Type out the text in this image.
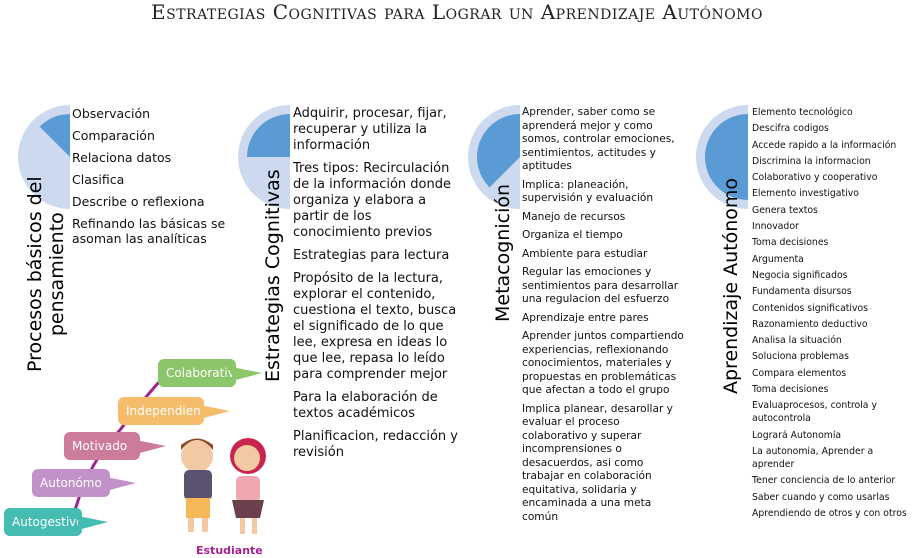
Estrategias Cognitivas para Lograr un Aprendizaje Autónomo
Procesos básicos del pensamiento	Estrategias Cognitivas	Metacognición	Aprendizaje Autónomo
Observación
Comparación
Relaciona datos
Clasifica
Describe o reflexiona
Refinando las básicas se asoman las analíticas
Adquirir, procesar, fijar, recuperar y utiliza la información
Tres tipos: Recirculación de la información donde organiza y elabora a partir de los conocimiento previos
Estrategias para lectura
Propósito de la lectura, explorar el contenido, cuestiona el texto, busca el significado de lo que lee, expresa en ideas lo que lee, repasa lo leído para comprender mejor
Para la elaboración de textos académicos
Planificacion, redacción y revisión
Aprender, saber como se aprenderá mejor y como somos, controlar emociones, sentimientos, actitudes y aptitudes
Implica: planeación, supervisión y evaluación
Manejo de recursos
Organiza el tiempo
Ambiente para estudiar
Regular las emociones y sentimientos para desarrollar una regulacion del esfuerzo
Aprendizaje entre pares
Aprender juntos compartiendo experiencias, reflexionando conocimientos, materiales y propuestas en problemáticas que afectan a todo el grupo
Implica planear, desarollar y evaluar el proceso colaborativo y superar incomprensiones o desacuerdos, asi como trabajar en colaboración equitativa, solidaria y encaminada a una meta común
Elemento tecnológico
Descifra codigos
Accede rapido a la información
Discrimina la informacion
Colaborativo y cooperativo
Elemento investigativo
Genera textos
Innovador
Toma decisiones
Argumenta
Negocia significados
Fundamenta disursos
Contenidos significativos
Razonamiento deductivo
Analisa la situación
Soluciona problemas
Compara elementos
Toma decisiones
Evaluaprocesos, controla y autocontrola
Logrará Autonomía
La autonomia, Aprender a aprender
Tener conciencia de lo anterior
Saber cuando y como usarlas
Aprendiendo de otros y con otros
Colaborativo
Independiente
Motivado
Autonómo
Autogestivo
Estudiante
